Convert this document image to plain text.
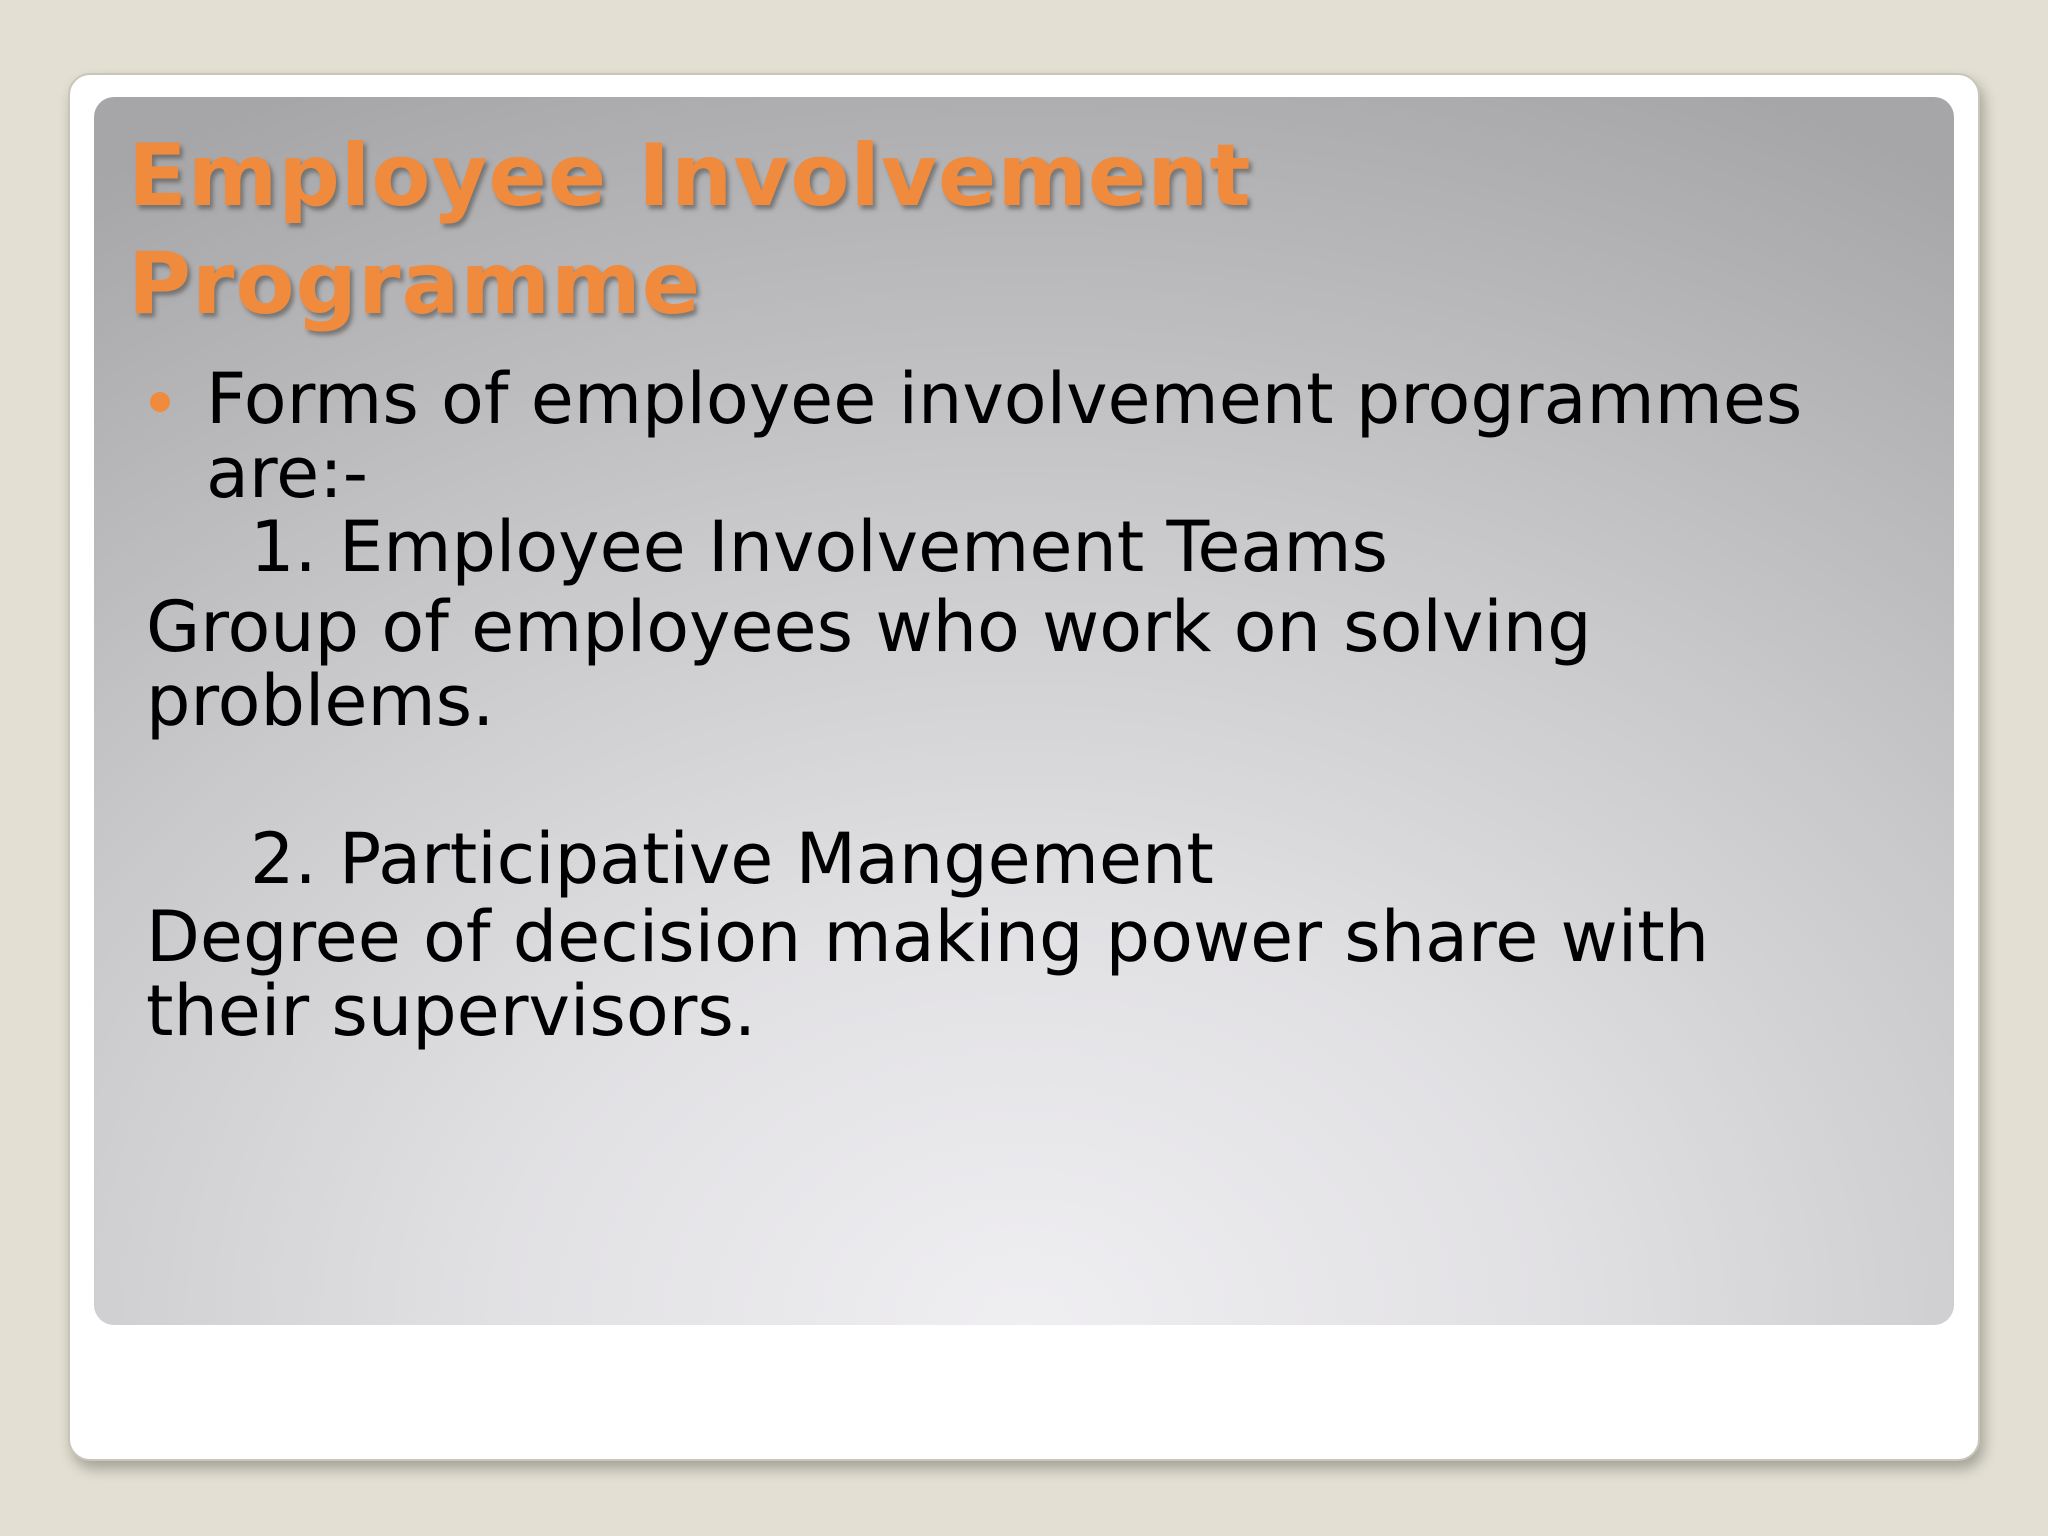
Employee Involvement
Programme
Forms of employee involvement programmes
are:-
1. Employee Involvement Teams
Group of employees who work on solving
problems.
2. Participative Mangement
Degree of decision making power share with
their supervisors.
